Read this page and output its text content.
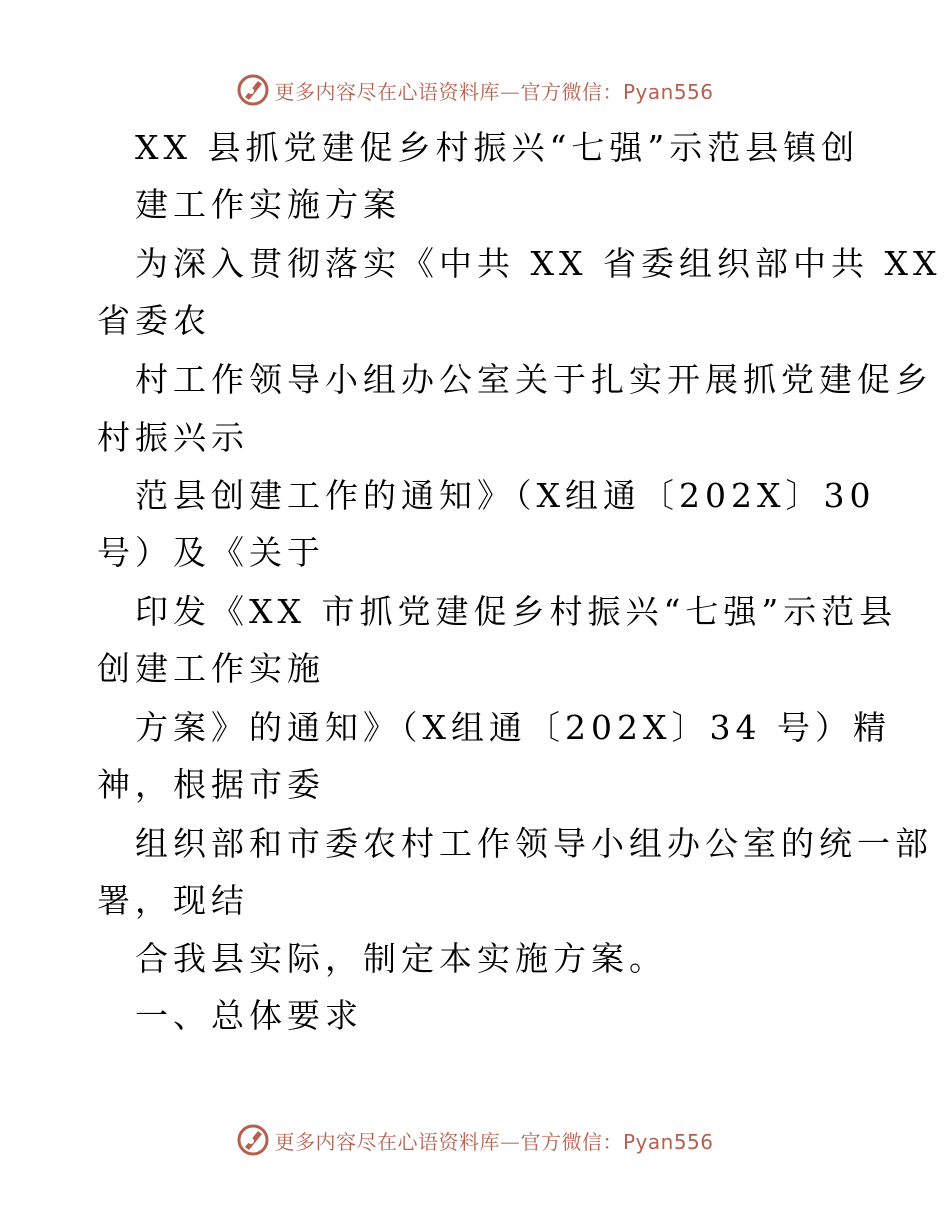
更多内容尽在心语资料库—官方微信：Pyan556
XX 县抓党建促乡村振兴“七强”示范县镇创
建工作实施方案
为深入贯彻落实《中共 XX 省委组织部中共 XX
省委农
村工作领导小组办公室关于扎实开展抓党建促乡
村振兴示
范县创建工作的通知》（X组通〔202X〕30
号）及《关于
印发《XX 市抓党建促乡村振兴“七强”示范县
创建工作实施
方案》的通知》（X组通〔202X〕34 号）精
神，根据市委
组织部和市委农村工作领导小组办公室的统一部
署，现结
合我县实际，制定本实施方案。
一、总体要求
更多内容尽在心语资料库—官方微信：Pyan556
